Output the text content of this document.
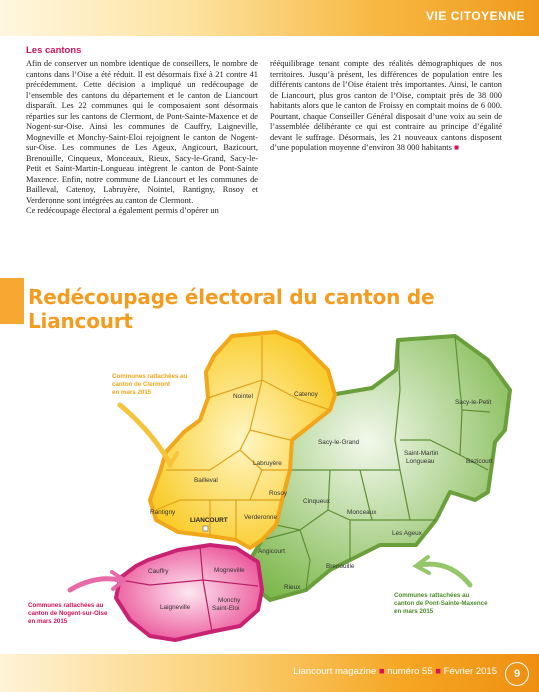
VIE CITOYENNE
Les cantons

Afin de conserver un nombre identique de conseillers, le nombre de cantons dans l’Oise a été réduit. Il est désormais fixé à 21 contre 41 précédemment. Cette décision a impliqué un redécoupage de l’ensemble des cantons du département et le canton de Liancourt disparaît. Les 22 communes qui le composaient sont désormais réparties sur les cantons de Clermont, de Pont-Sainte-Maxence et de Nogent-sur-Oise. Ainsi les communes de Cauffry, Laigneville, Mogneville et Monchy-Saint-Eloi rejoignent le canton de Nogent-sur-Oise. Les communes de Les Ageux, Angicourt, Bazicourt, Brenouille, Cinqueux, Monceaux, Rieux, Sacy-le-Grand, Sacy-le-Petit et Saint-Martin-Longueau intègrent le canton de Pont-Sainte Maxence. Enfin, notre commune de Liancourt et les communes de Bailleval, Catenoy, Labruyère, Nointel, Rantigny, Rosoy et Verderonne sont intégrées au canton de Clermont.

Ce redécoupage électoral a également permis d’opérer un

rééquilibrage tenant compte des réalités démographiques de nos territoires. Jusqu’à présent, les différences de population entre les différents cantons de l’Oise étaient très importantes. Ainsi, le canton de Liancourt, plus gros canton de l’Oise, comptait près de 38 000 habitants alors que le canton de Froissy en comptait moins de 6 000. Pourtant, chaque Conseiller Général disposait d’une voix au sein de l’assemblée délibérante ce qui est contraire au principe d’égalité devant le suffrage. Désormais, les 21 nouveaux cantons disposent d’une population moyenne d’environ 38 000 habitants ■

Redécoupage électoral du canton de Liancourt
Communes rattachées au
canton de Clermont
en mars 2015
Communes rattachées au
canton de Nogent-sur-Oise
en mars 2015
Communes rattachées au
canton de Pont-Sainte-Maxence
en mars 2015
Nointel	Catenoy
Labruyère
Bailleval
Rosoy
Rantigny
LIANCOURT	Verderonne
Cauffry	Mogneville
Laigneville
Monchy
Saint-Eloi
Sacy-le-Grand
Sacy-le-Petit
Saint-Martin
Longueau	Bazicourt
Monceaux
Cinqueux
Les Ageux
Angicourt
Brenouille
Rieux
Liancourt magazine ■ numéro 55 ■ Février 2015	9
